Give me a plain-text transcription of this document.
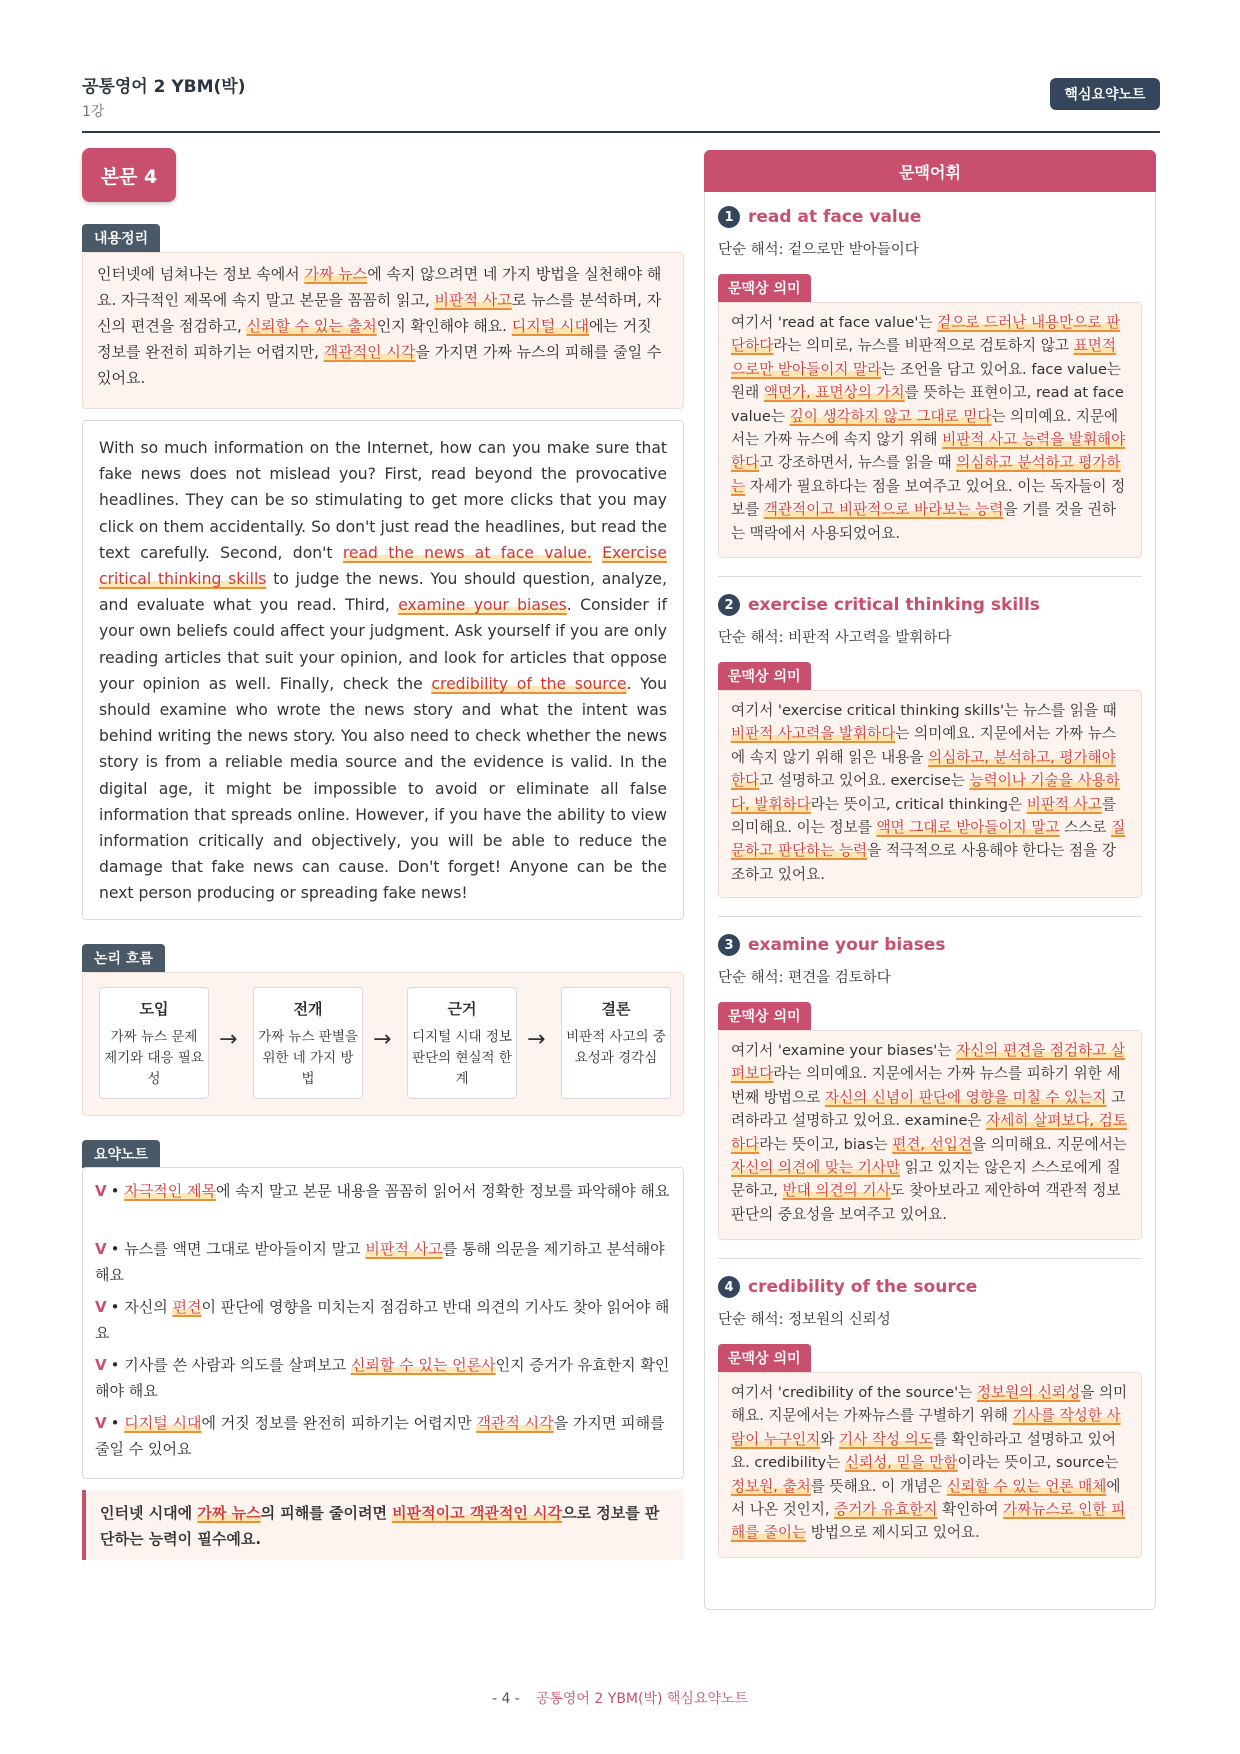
공통영어 2 YBM(박)
1강
핵심요약노트
본문 4
내용정리
인터넷에 넘쳐나는 정보 속에서 가짜 뉴스에 속지 않으려면 네 가지 방법을 실천해야 해요. 자극적인 제목에 속지 말고 본문을 꼼꼼히 읽고, 비판적 사고로 뉴스를 분석하며, 자신의 편견을 점검하고, 신뢰할 수 있는 출처인지 확인해야 해요. 디지털 시대에는 거짓 정보를 완전히 피하기는 어렵지만, 객관적인 시각을 가지면 가짜 뉴스의 피해를 줄일 수 있어요.
With so much information on the Internet, how can you make sure that fake news does not mislead you? First, read beyond the provocative headlines. They can be so stimulating to get more clicks that you may click on them accidentally. So don't just read the headlines, but read the text carefully. Second, don't read the news at face value. Exercise critical thinking skills to judge the news. You should question, analyze, and evaluate what you read. Third, examine your biases. Consider if your own beliefs could affect your judgment. Ask yourself if you are only reading articles that suit your opinion, and look for articles that oppose your opinion as well. Finally, check the credibility of the source. You should examine who wrote the news story and what the intent was behind writing the news story. You also need to check whether the news story is from a reliable media source and the evidence is valid. In the digital age, it might be impossible to avoid or eliminate all false information that spreads online. However, if you have the ability to view information critically and objectively, you will be able to reduce the damage that fake news can cause. Don't forget! Anyone can be the next person producing or spreading fake news!
논리 흐름
도입
가짜 뉴스 문제 제기와 대응 필요성
→
전개
가짜 뉴스 판별을 위한 네 가지 방법
→
근거
디지털 시대 정보 판단의 현실적 한계
→
결론
비판적 사고의 중요성과 경각심
요약노트
V • 자극적인 제목에 속지 말고 본문 내용을 꼼꼼히 읽어서 정확한 정보를 파악해야 해요
V • 뉴스를 액면 그대로 받아들이지 말고 비판적 사고를 통해 의문을 제기하고 분석해야 해요
V • 자신의 편견이 판단에 영향을 미치는지 점검하고 반대 의견의 기사도 찾아 읽어야 해요
V • 기사를 쓴 사람과 의도를 살펴보고 신뢰할 수 있는 언론사인지 증거가 유효한지 확인해야 해요
V • 디지털 시대에 거짓 정보를 완전히 피하기는 어렵지만 객관적 시각을 가지면 피해를 줄일 수 있어요
인터넷 시대에 가짜 뉴스의 피해를 줄이려면 비판적이고 객관적인 시각으로 정보를 판단하는 능력이 필수예요.
문맥어휘
1 read at face value
단순 해석: 겉으로만 받아들이다
문맥상 의미
여기서 'read at face value'는 겉으로 드러난 내용만으로 판단하다라는 의미로, 뉴스를 비판적으로 검토하지 않고 표면적으로만 받아들이지 말라는 조언을 담고 있어요. face value는 원래 액면가, 표면상의 가치를 뜻하는 표현이고, read at face value는 깊이 생각하지 않고 그대로 믿다는 의미예요. 지문에서는 가짜 뉴스에 속지 않기 위해 비판적 사고 능력을 발휘해야 한다고 강조하면서, 뉴스를 읽을 때 의심하고 분석하고 평가하는 자세가 필요하다는 점을 보여주고 있어요. 이는 독자들이 정보를 객관적이고 비판적으로 바라보는 능력을 기를 것을 권하는 맥락에서 사용되었어요.
2 exercise critical thinking skills
단순 해석: 비판적 사고력을 발휘하다
문맥상 의미
여기서 'exercise critical thinking skills'는 뉴스를 읽을 때 비판적 사고력을 발휘하다는 의미예요. 지문에서는 가짜 뉴스에 속지 않기 위해 읽은 내용을 의심하고, 분석하고, 평가해야 한다고 설명하고 있어요. exercise는 능력이나 기술을 사용하다, 발휘하다라는 뜻이고, critical thinking은 비판적 사고를 의미해요. 이는 정보를 액면 그대로 받아들이지 말고 스스로 질문하고 판단하는 능력을 적극적으로 사용해야 한다는 점을 강조하고 있어요.
3 examine your biases
단순 해석: 편견을 검토하다
문맥상 의미
여기서 'examine your biases'는 자신의 편견을 점검하고 살펴보다라는 의미예요. 지문에서는 가짜 뉴스를 피하기 위한 세 번째 방법으로 자신의 신념이 판단에 영향을 미칠 수 있는지 고려하라고 설명하고 있어요. examine은 자세히 살펴보다, 검토하다라는 뜻이고, bias는 편견, 선입견을 의미해요. 지문에서는 자신의 의견에 맞는 기사만 읽고 있지는 않은지 스스로에게 질문하고, 반대 의견의 기사도 찾아보라고 제안하여 객관적 정보 판단의 중요성을 보여주고 있어요.
4 credibility of the source
단순 해석: 정보원의 신뢰성
문맥상 의미
여기서 'credibility of the source'는 정보원의 신뢰성을 의미해요. 지문에서는 가짜뉴스를 구별하기 위해 기사를 작성한 사람이 누구인지와 기사 작성 의도를 확인하라고 설명하고 있어요. credibility는 신뢰성, 믿을 만함이라는 뜻이고, source는 정보원, 출처를 뜻해요. 이 개념은 신뢰할 수 있는 언론 매체에서 나온 것인지, 증거가 유효한지 확인하여 가짜뉴스로 인한 피해를 줄이는 방법으로 제시되고 있어요.
- 4 - 공통영어 2 YBM(박) 핵심요약노트
